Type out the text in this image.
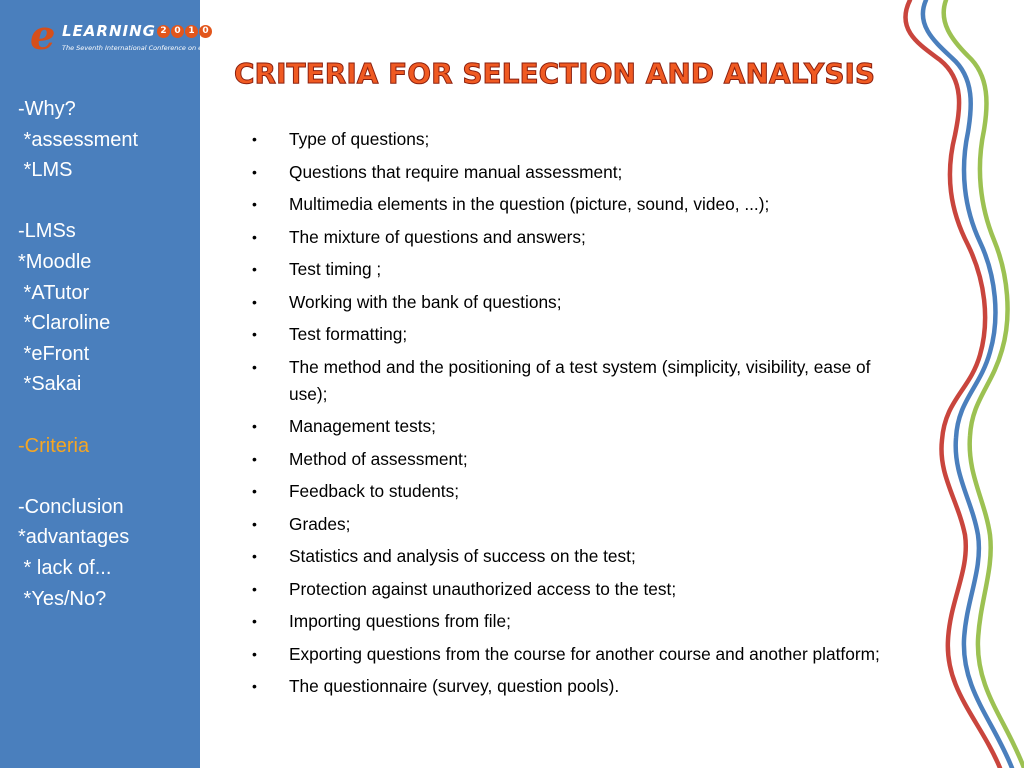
-Why?
*assessment
*LMS
-LMSs
*Moodle
*ATutor
*Claroline
*eFront
*Sakai
-Criteria
-Conclusion
*advantages
* lack of...
*Yes/No?
e LEARNING 2 0 1 0
The Seventh International Conference on e-Learning
CRITERIA FOR SELECTION AND ANALYSIS
• Type of questions;
• Questions that require manual assessment;
• Multimedia elements in the question (picture, sound, video, ...);
• The mixture of questions and answers;
• Test timing ;
• Working with the bank of questions;
• Test formatting;
• The method and the positioning of a test system (simplicity, visibility, ease of use);
• Management tests;
• Method of assessment;
• Feedback to students;
• Grades;
• Statistics and analysis of success on the test;
• Protection against unauthorized access to the test;
• Importing questions from file;
• Exporting questions from the course for another course and another platform;
• The questionnaire (survey, question pools).
